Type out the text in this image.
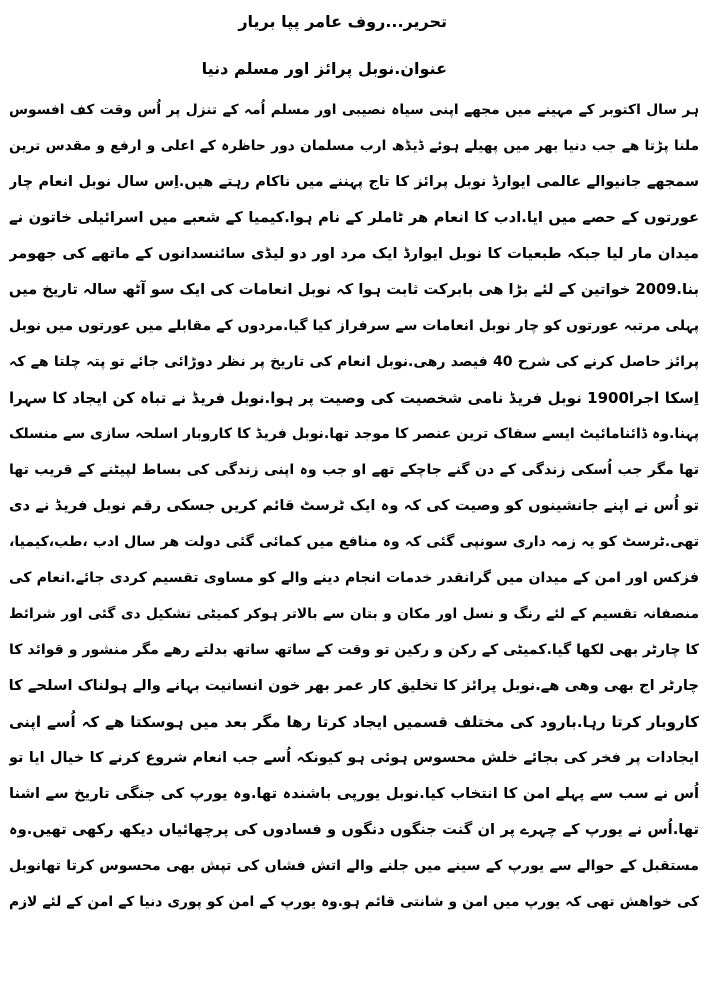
تحریر...روف عامر پپا بریار
عنوان.نوبل پرائز اور مسلم دنیا
ہر سال اکتوبر کے مہینے میں مجھے اپنی سیاہ نصیبی اور مسلم اُمہ کے تنزل پر اُس وقت کف افسوس
ملنا پڑتا ھے جب دنیا بھر میں پھیلے ہوئے ڈیڈھ ارب مسلمان دور حاظرہ کے اعلی و ارفع و مقدس ترین
سمجھے جانیوالے عالمی ایوارڈ نوبل پرائز کا تاج پہننے میں ناکام رہتے ھیں.اِس سال نوبل انعام چار
عورتوں کے حصے میں ایا.ادب کا انعام ھر ٹاملر کے نام ہوا.کیمیا کے شعبے میں اسرائیلی خاتون نے
میدان مار لیا جبکہ طبعیات کا نوبل ایوارڈ ایک مرد اور دو لیڈی سائنسدانوں کے ماتھے کی جھومر
بنا.2009 خواتین کے لئے بڑا ھی بابرکت ثابت ہوا کہ نوبل انعامات کی ایک سو آٹھ سالہ تاریخ میں
پہلی مرتبہ عورتوں کو چار نوبل انعامات سے سرفراز کیا گیا.مردوں کے مقابلے میں عورتوں میں نوبل
پرائز حاصل کرنے کی شرح 40 فیصد رھی.نوبل انعام کی تاریخ پر نظر دوڑائی جائے تو پتہ چلتا ھے کہ
اِسکا اجرا1900 نوبل فریڈ نامی شخصیت کی وصیت پر ہوا.نوبل فریڈ نے تباہ کن ایجاد کا سہرا
پہنا.وہ ڈائنامائیٹ ایسے سفاک ترین عنصر کا موجد تھا.نوبل فریڈ کا کاروبار اسلحہ سازی سے منسلک
تھا مگر جب اُسکی زندگی کے دن گنے جاچکے تھے او جب وہ اپنی زندگی کی بساط لپیٹنے کے قریب تھا
تو اُس نے اپنے جانشینوں کو وصیت کی کہ وہ ایک ٹرسٹ قائم کریں جسکی رقم نوبل فریڈ نے دی
تھی.ٹرسٹ کو یہ زمہ داری سونپی گئی کہ وہ منافع میں کمائی گئی دولت ھر سال ادب ،طب،کیمیا،
فزکس اور امن کے میدان میں گرانقدر خدمات انجام دینے والے کو مساوی تقسیم کردی جائے.انعام کی
منصفانہ تقسیم کے لئے رنگ و نسل اور مکان و بتان سے بالاتر ہوکر کمیٹی تشکیل دی گئی اور شرائط
کا چارٹر بھی لکھا گیا.کمیٹی کے رکن و رکین تو وقت کے ساتھ ساتھ بدلتے رھے مگر منشور و قوائد کا
چارٹر اج بھی وھی ھے.نوبل پرائز کا تخلیق کار عمر بھر خون انسانیت بہانے والے ہولناک اسلحے کا
کاروبار کرتا رہا.بارود کی مختلف قسمیں ایجاد کرتا رھا مگر بعد میں ہوسکتا ھے کہ اُسے اپنی
ایجادات پر فخر کی بجائے خلش محسوس ہوئی ہو کیونکہ اُسے جب انعام شروع کرنے کا خیال ایا تو
اُس نے سب سے پہلے امن کا انتخاب کیا.نوبل یورپی باشندہ تھا.وہ یورپ کی جنگی تاریخ سے اشنا
تھا.اُس نے یورپ کے چہرے پر ان گنت جنگوں دنگوں و فسادوں کی پرچھائیاں دیکھ رکھی تھیں.وہ
مستقبل کے حوالے سے یورپ کے سینے میں جلنے والے اتش فشاں کی تپش بھی محسوس کرتا تھانوبل
کی خواھش تھی کہ یورپ میں امن و شانتی قائم ہو.وہ یورپ کے امن کو پوری دنیا کے امن کے لئے لازم
